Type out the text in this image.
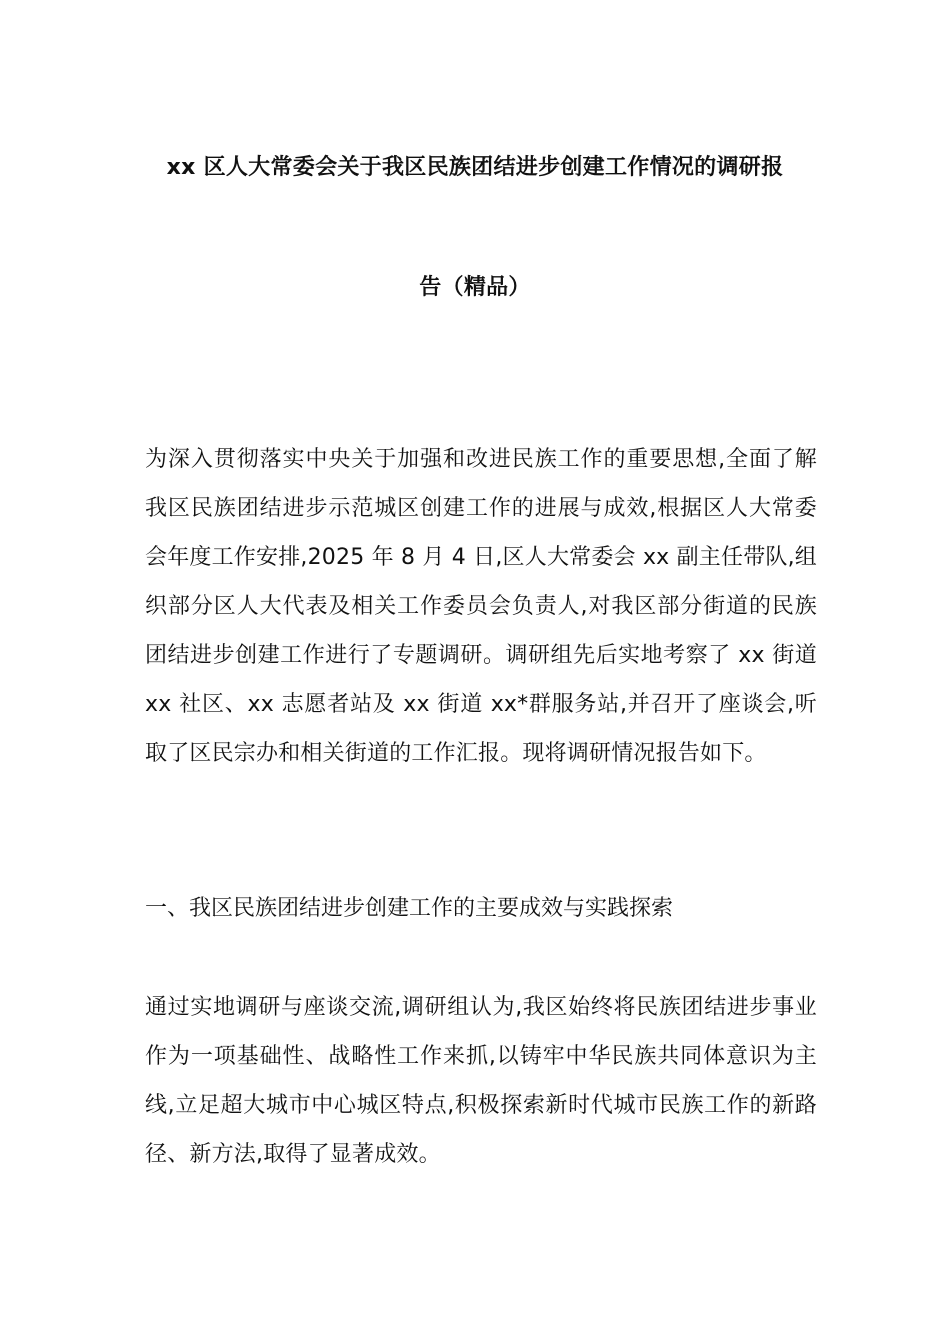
xx 区人大常委会关于我区民族团结进步创建工作情况的调研报
告（精品）
为深入贯彻落实中央关于加强和改进民族工作的重要思想,全面了解我区民族团结进步示范城区创建工作的进展与成效,根据区人大常委会年度工作安排,2025 年 8 月 4 日,区人大常委会 xx 副主任带队,组织部分区人大代表及相关工作委员会负责人,对我区部分街道的民族团结进步创建工作进行了专题调研。调研组先后实地考察了 xx 街道 xx 社区、xx 志愿者站及 xx 街道 xx*群服务站,并召开了座谈会,听取了区民宗办和相关街道的工作汇报。现将调研情况报告如下。
一、我区民族团结进步创建工作的主要成效与实践探索
通过实地调研与座谈交流,调研组认为,我区始终将民族团结进步事业作为一项基础性、战略性工作来抓,以铸牢中华民族共同体意识为主线,立足超大城市中心城区特点,积极探索新时代城市民族工作的新路径、新方法,取得了显著成效。
